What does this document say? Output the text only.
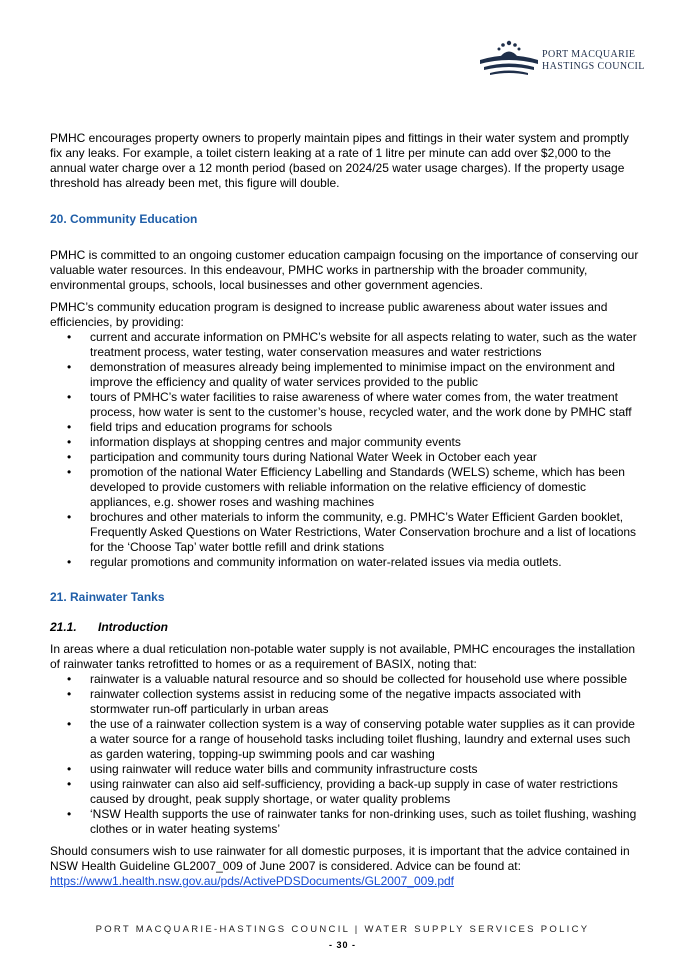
PORT MACQUARIE
HASTINGS COUNCIL

PMHC encourages property owners to properly maintain pipes and fittings in their water system and promptly fix any leaks. For example, a toilet cistern leaking at a rate of 1 litre per minute can add over $2,000 to the annual water charge over a 12 month period (based on 2024/25 water usage charges). If the property usage threshold has already been met, this figure will double.

20. Community Education

PMHC is committed to an ongoing customer education campaign focusing on the importance of conserving our valuable water resources. In this endeavour, PMHC works in partnership with the broader community, environmental groups, schools, local businesses and other government agencies.

PMHC’s community education program is designed to increase public awareness about water issues and efficiencies, by providing:

• current and accurate information on PMHC’s website for all aspects relating to water, such as the water treatment process, water testing, water conservation measures and water restrictions
• demonstration of measures already being implemented to minimise impact on the environment and improve the efficiency and quality of water services provided to the public
• tours of PMHC’s water facilities to raise awareness of where water comes from, the water treatment process, how water is sent to the customer’s house, recycled water, and the work done by PMHC staff
• field trips and education programs for schools
• information displays at shopping centres and major community events
• participation and community tours during National Water Week in October each year
• promotion of the national Water Efficiency Labelling and Standards (WELS) scheme, which has been developed to provide customers with reliable information on the relative efficiency of domestic appliances, e.g. shower roses and washing machines
• brochures and other materials to inform the community, e.g. PMHC’s Water Efficient Garden booklet, Frequently Asked Questions on Water Restrictions, Water Conservation brochure and a list of locations for the ‘Choose Tap’ water bottle refill and drink stations
• regular promotions and community information on water-related issues via media outlets.
21. Rainwater Tanks
21.1. Introduction

In areas where a dual reticulation non-potable water supply is not available, PMHC encourages the installation of rainwater tanks retrofitted to homes or as a requirement of BASIX, noting that:

• rainwater is a valuable natural resource and so should be collected for household use where possible
• rainwater collection systems assist in reducing some of the negative impacts associated with stormwater run-off particularly in urban areas
• the use of a rainwater collection system is a way of conserving potable water supplies as it can provide a water source for a range of household tasks including toilet flushing, laundry and external uses such as garden watering, topping-up swimming pools and car washing
• using rainwater will reduce water bills and community infrastructure costs
• using rainwater can also aid self-sufficiency, providing a back-up supply in case of water restrictions caused by drought, peak supply shortage, or water quality problems
• ‘NSW Health supports the use of rainwater tanks for non-drinking uses, such as toilet flushing, washing clothes or in water heating systems’

Should consumers wish to use rainwater for all domestic purposes, it is important that the advice contained in NSW Health Guideline GL2007_009 of June 2007 is considered. Advice can be found at:

https://www1.health.nsw.gov.au/pds/ActivePDSDocuments/GL2007_009.pdf

PORT MACQUARIE-HASTINGS COUNCIL | WATER SUPPLY SERVICES POLICY
- 30 -
